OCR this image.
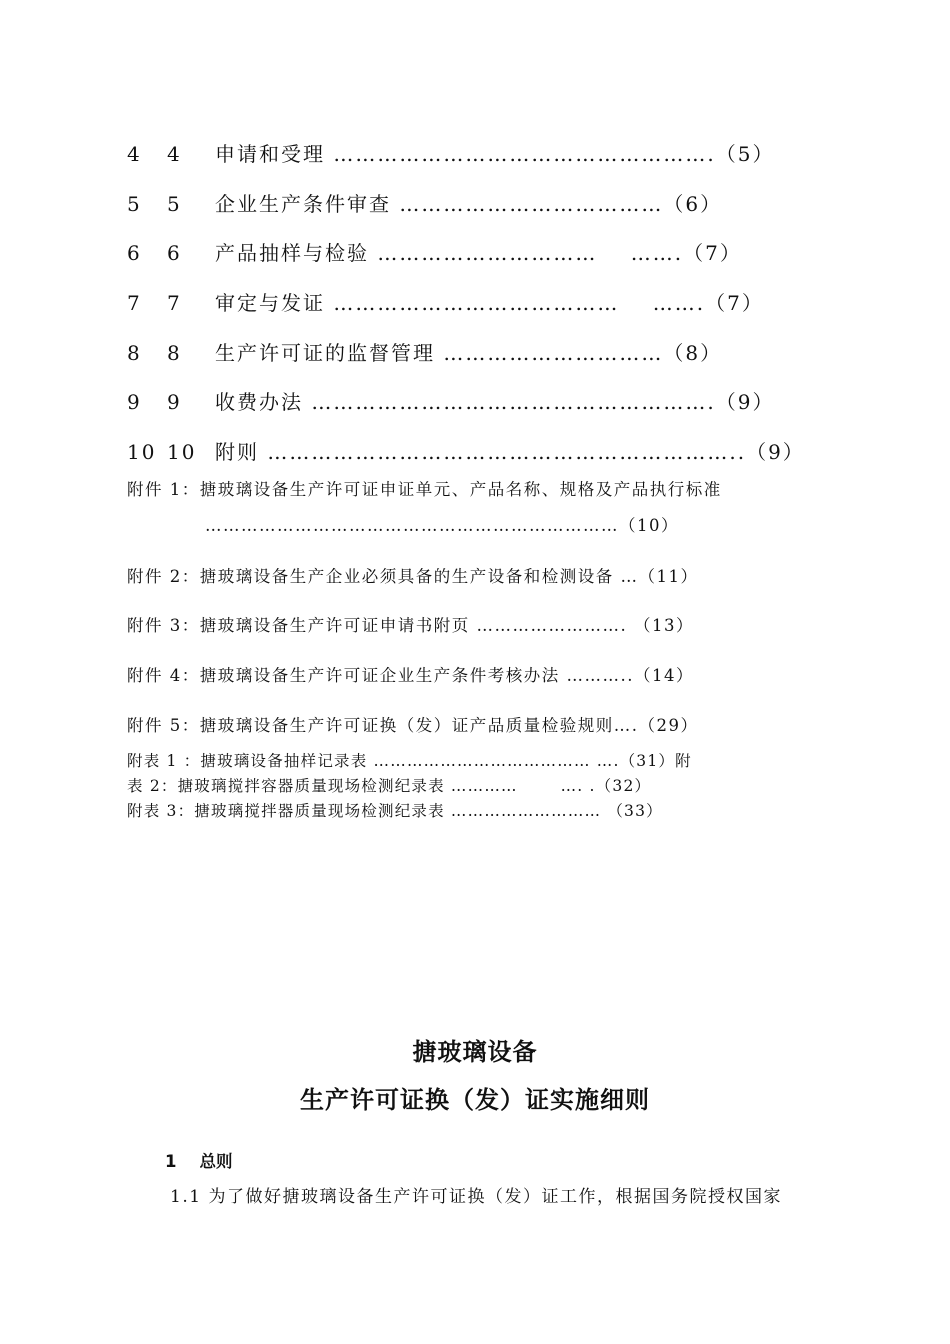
4 4 申请和受理 …………………………………………….（5）
5 5 企业生产条件审查 ………………………………（6）
6 6 产品抽样与检验 …………………………    …….（7）
7 7 审定与发证 …………………………………    …….（7）
8 8 生产许可证的监督管理 …………………………（8）
9 9 收费办法 ……………………………………………….（9）
10 10 附则 ………………………………………………………..（9）
附件 1：搪玻璃设备生产许可证申证单元、产品名称、规格及产品执行标准
……………………………………………………………（10）
附件 2：搪玻璃设备生产企业必须具备的生产设备和检测设备 …（11）
附件 3：搪玻璃设备生产许可证申请书附页 ……………………. （13）
附件 4：搪玻璃设备生产许可证企业生产条件考核办法 ………..（14）
附件 5：搪玻璃设备生产许可证换（发）证产品质量检验规则….（29）
附表 1 ：搪玻璃设备抽样记录表 ………………………………… ….（31）附
表 2：搪玻璃搅拌容器质量现场检测纪录表 …………       …. .（32）
附表 3：搪玻璃搅拌器质量现场检测纪录表 ……………………… （33）
搪玻璃设备
生产许可证换（发）证实施细则
1    总则
1.1 为了做好搪玻璃设备生产许可证换（发）证工作，根据国务院授权国家
